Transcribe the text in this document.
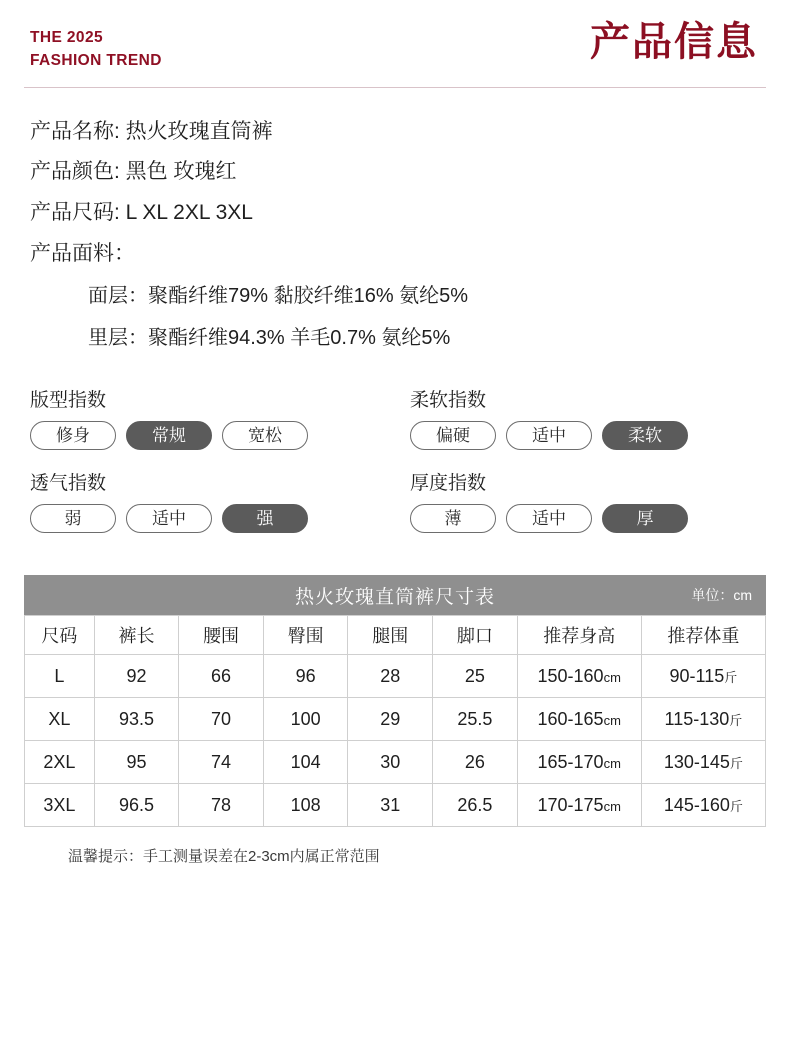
THE 2025
FASHION TREND	产品信息
产品名称: 热火玫瑰直筒裤
产品颜色: 黑色 玫瑰红
产品尺码: L XL 2XL 3XL
产品面料：
面层：聚酯纤维79% 黏胶纤维16% 氨纶5%
里层：聚酯纤维94.3% 羊毛0.7% 氨纶5%
版型指数
修身	常规	宽松
柔软指数
偏硬	适中	柔软
透气指数
弱	适中	强
厚度指数
薄	适中	厚
热火玫瑰直筒裤尺寸表	单位：cm
尺码	裤长	腰围	臀围	腿围	脚口	推荐身高	推荐体重
L	92	66	96	28	25	150-160cm	90-115斤
XL	93.5	70	100	29	25.5	160-165cm	115-130斤
2XL	95	74	104	30	26	165-170cm	130-145斤
3XL	96.5	78	108	31	26.5	170-175cm	145-160斤
温馨提示：手工测量误差在2-3cm内属正常范围
